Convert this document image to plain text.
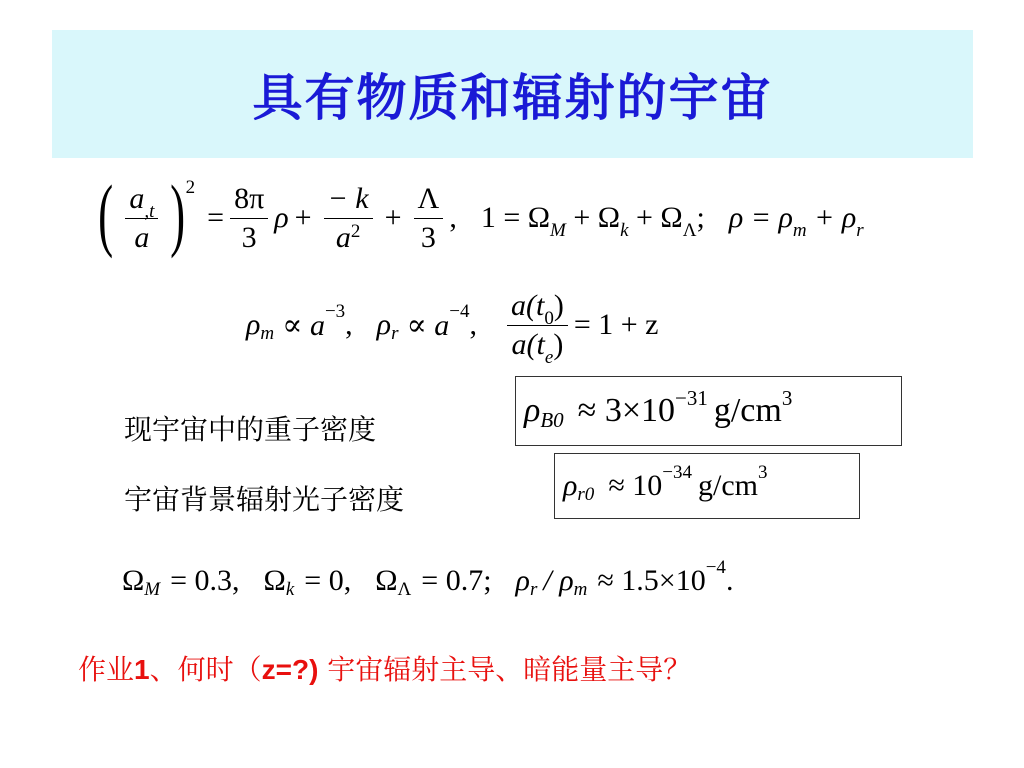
具有物质和辐射的宇宙
( $\frac{a_{,t}}{a}$ ) 2
= $\frac{8\pi}{3}$ $\rho + \frac{- k}{a^2} + \frac{\Lambda}{3}$ , $1 = \Omega_M + \Omega_k + \Omega_\Lambda$; $\rho = \rho_m + \rho_r$
ρ m ∝ a −3 , ρ r ∝ a −4 , $\frac{a(t_0)}{a(t_e)} = 1 + z$
现宇宙中的重子密度
ρ B0 ≈ 3×10 −31 g/cm 3
宇宙背景辐射光子密度	ρ r0 ≈ 10 −34 g/cm 3
Ω M = 0.3, Ω k = 0, Ω Λ = 0.7; ρ r / ρ m ≈ 1.5×10 −4 .
作业1、何时（z=?) 宇宙辐射主导、暗能量主导？
